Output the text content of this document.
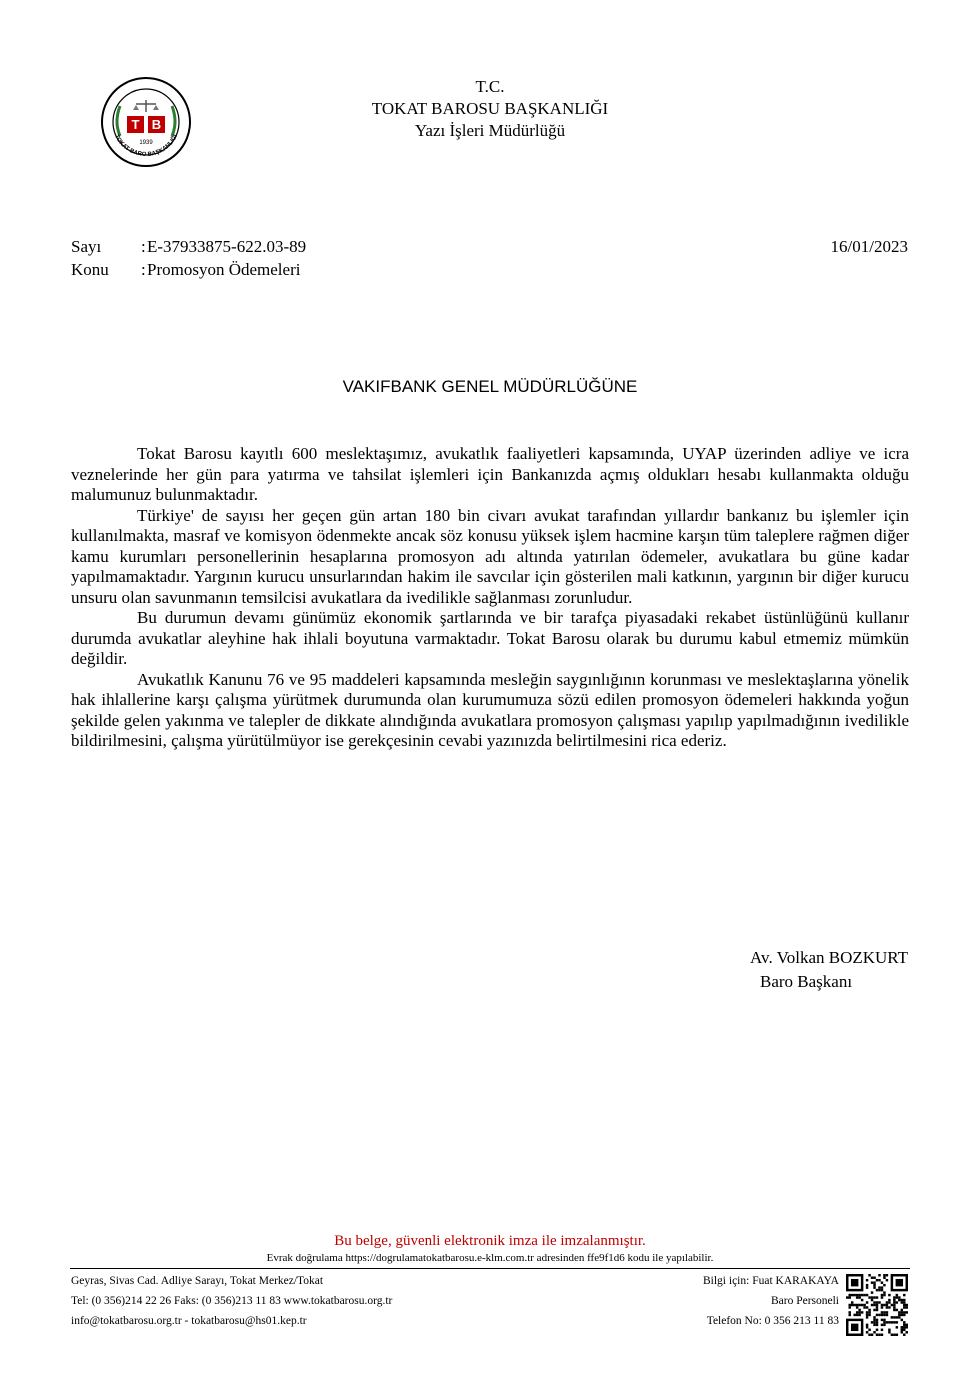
T B
1939
TOKAT BARO BAŞKANLIĞI
T.C.
TOKAT BAROSU BAŞKANLIĞI
Yazı İşleri Müdürlüğü
Sayı : E-37933875-622.03-89	16/01/2023
Konu : Promosyon Ödemeleri
VAKIFBANK GENEL MÜDÜRLÜĞÜNE

Tokat Barosu kayıtlı 600 meslektaşımız, avukatlık faaliyetleri kapsamında, UYAP üzerinden adliye ve icra veznelerinde her gün para yatırma ve tahsilat işlemleri için Bankanızda açmış oldukları hesabı kullanmakta olduğu malumunuz bulunmaktadır.

Türkiye' de sayısı her geçen gün artan 180 bin civarı avukat tarafından yıllardır bankanız bu işlemler için kullanılmakta, masraf ve komisyon ödenmekte ancak söz konusu yüksek işlem hacmine karşın tüm taleplere rağmen diğer kamu kurumları personellerinin hesaplarına promosyon adı altında yatırılan ödemeler, avukatlara bu güne kadar yapılmamaktadır. Yargının kurucu unsurlarından hakim ile savcılar için gösterilen mali katkının, yargının bir diğer kurucu unsuru olan savunmanın temsilcisi avukatlara da ivedilikle sağlanması zorunludur.

Bu durumun devamı günümüz ekonomik şartlarında ve bir tarafça piyasadaki rekabet üstünlüğünü kullanır durumda avukatlar aleyhine hak ihlali boyutuna varmaktadır. Tokat Barosu olarak bu durumu kabul etmemiz mümkün değildir.

Avukatlık Kanunu 76 ve 95 maddeleri kapsamında mesleğin saygınlığının korunması ve meslektaşlarına yönelik hak ihlallerine karşı çalışma yürütmek durumunda olan kurumumuza sözü edilen promosyon ödemeleri hakkında yoğun şekilde gelen yakınma ve talepler de dikkate alındığında avukatlara promosyon çalışması yapılıp yapılmadığının ivedilikle bildirilmesini, çalışma yürütülmüyor ise gerekçesinin cevabi yazınızda belirtilmesini rica ederiz.

Av. Volkan BOZKURT
Baro Başkanı
Bu belge, güvenli elektronik imza ile imzalanmıştır.
Evrak doğrulama https://dogrulamatokatbarosu.e-klm.com.tr adresinden ffe9f1d6 kodu ile yapılabilir.
Geyras, Sivas Cad. Adliye Sarayı, Tokat Merkez/Tokat
Tel: (0 356)214 22 26 Faks: (0 356)213 11 83 www.tokatbarosu.org.tr
info@tokatbarosu.org.tr - tokatbarosu@hs01.kep.tr
Bilgi için: Fuat KARAKAYA
Baro Personeli
Telefon No: 0 356 213 11 83
